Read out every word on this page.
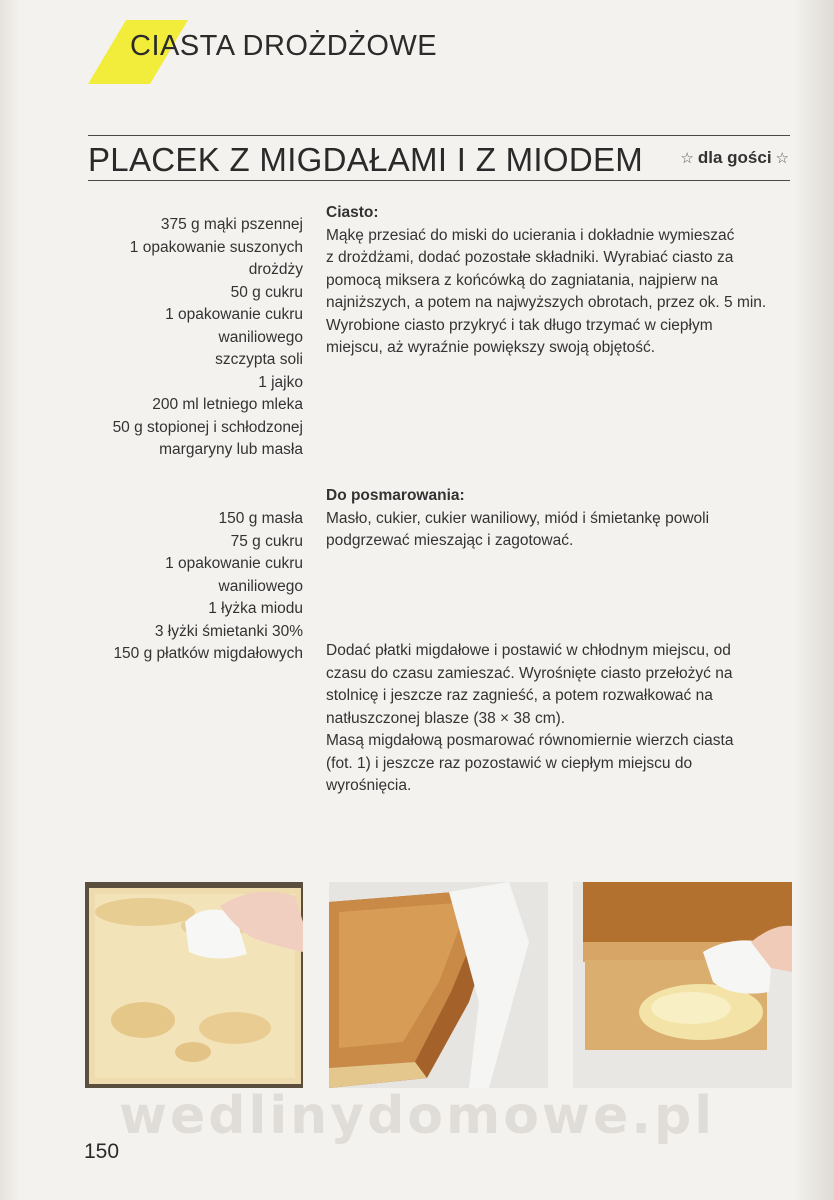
CIASTA DROŻDŻOWE
PLACEK Z MIGDAŁAMI I Z MIODEM ☆ dla gości ☆
375 g mąki pszennej
1 opakowanie suszonych
drożdży
50 g cukru
1 opakowanie cukru
waniliowego
szczypta soli
1 jajko
200 ml letniego mleka
50 g stopionej i schłodzonej
margaryny lub masła
150 g masła
75 g cukru
1 opakowanie cukru
waniliowego
1 łyżka miodu
3 łyżki śmietanki 30%
150 g płatków migdałowych
Ciasto:
Mąkę przesiać do miski do ucierania i dokładnie wymieszać
z drożdżami, dodać pozostałe składniki. Wyrabiać ciasto za
pomocą miksera z końcówką do zagniatania, najpierw na
najniższych, a potem na najwyższych obrotach, przez ok. 5 min.
Wyrobione ciasto przykryć i tak długo trzymać w ciepłym
miejscu, aż wyraźnie powiększy swoją objętość.
Do posmarowania:
Masło, cukier, cukier waniliowy, miód i śmietankę powoli
podgrzewać mieszając i zagotować.
Dodać płatki migdałowe i postawić w chłodnym miejscu, od
czasu do czasu zamieszać. Wyrośnięte ciasto przełożyć na
stolnicę i jeszcze raz zagnieść, a potem rozwałkować na
natłuszczonej blasze (38 × 38 cm).
Masą migdałową posmarować równomiernie wierzch ciasta
(fot. 1) i jeszcze raz pozostawić w ciepłym miejscu do
wyrośnięcia.
wedlinydomowe.pl
150
